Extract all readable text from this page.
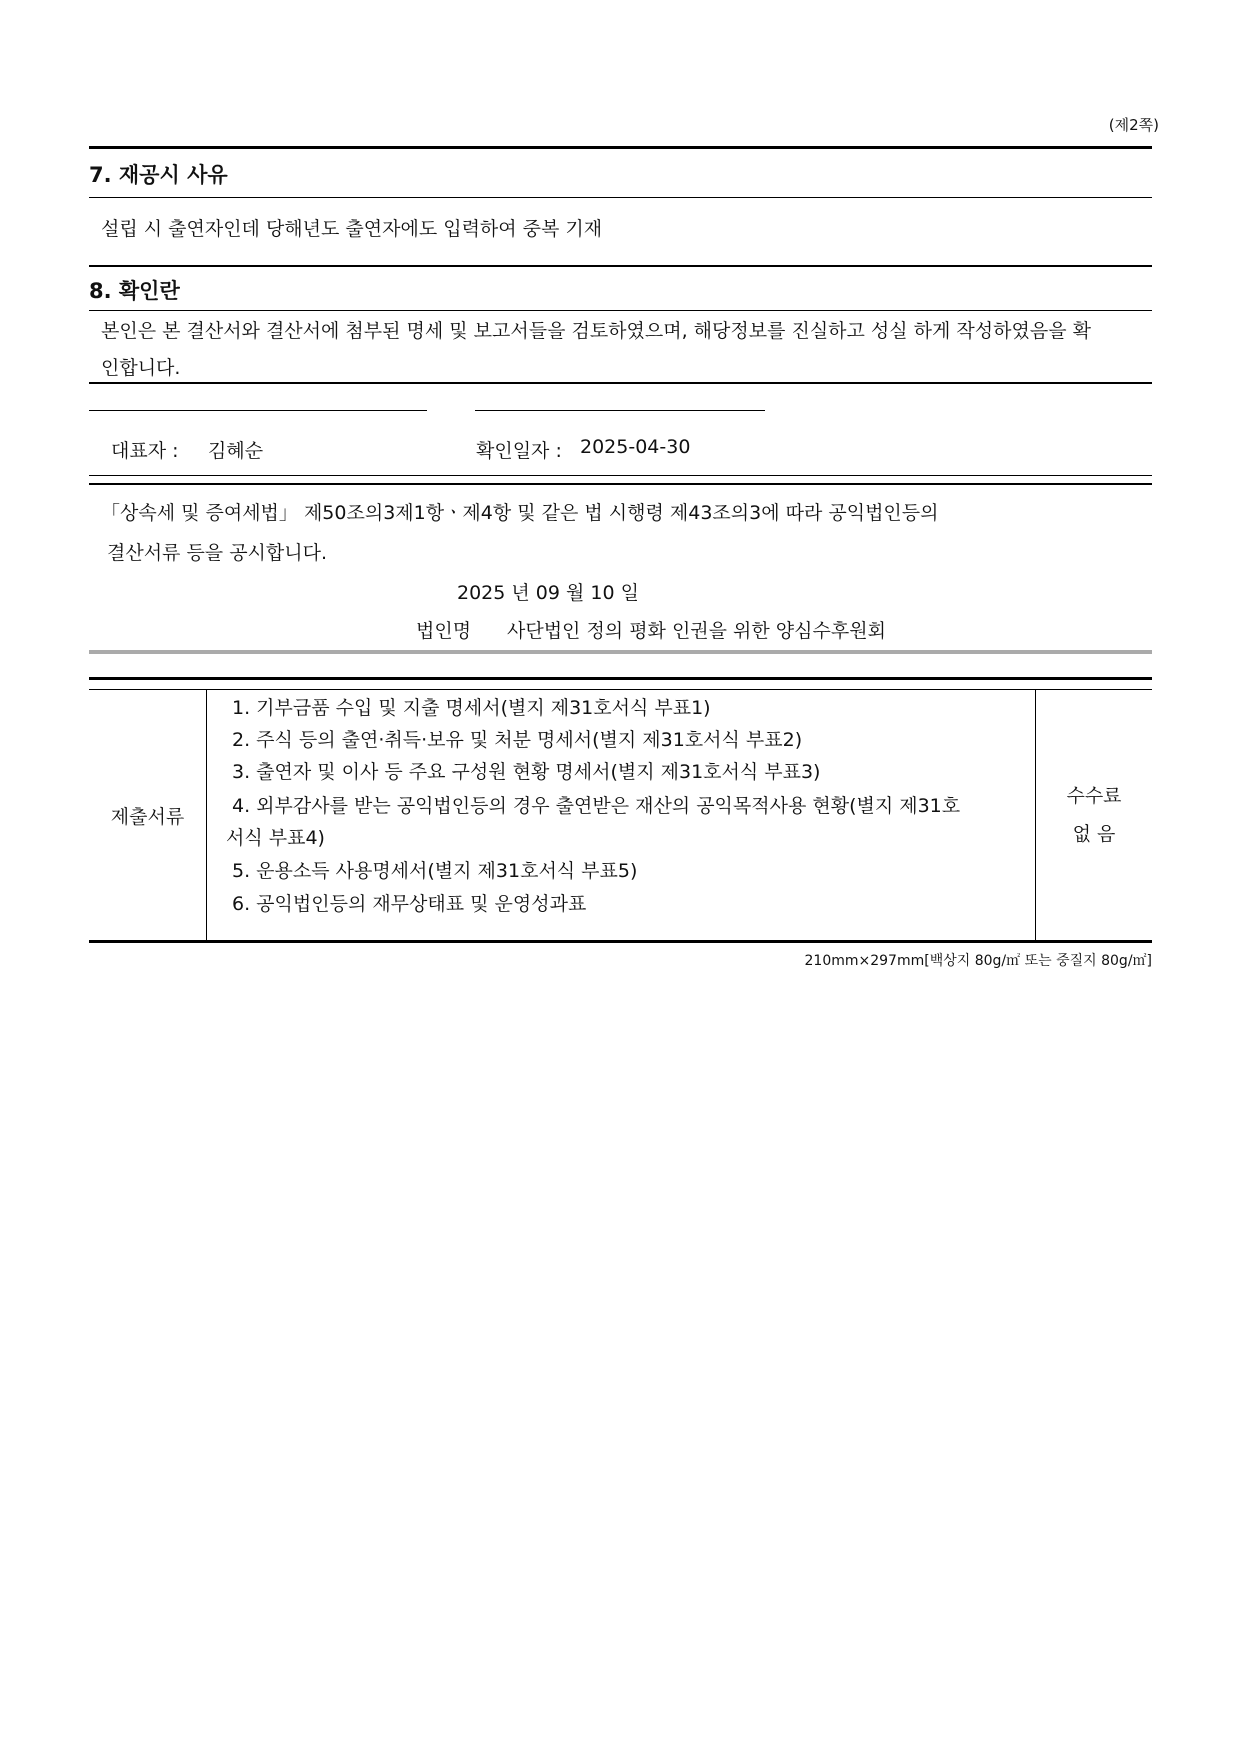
(제2쪽)
7. 재공시 사유
설립 시 출연자인데 당해년도 출연자에도 입력하여 중복 기재
8. 확인란
본인은 본 결산서와 결산서에 첨부된 명세 및 보고서들을 검토하였으며, 해당정보를 진실하고 성실 하게 작성하였음을 확
인합니다.
대표자 : 김혜순	확인일자 : 2025-04-30
「상속세 및 증여세법」 제50조의3제1항ㆍ제4항 및 같은 법 시행령 제43조의3에 따라 공익법인등의
결산서류 등을 공시합니다.
2025 년 09 월 10 일
법인명 사단법인 정의 평화 인권을 위한 양심수후원회
제출서류
1. 기부금품 수입 및 지출 명세서(별지 제31호서식 부표1)
2. 주식 등의 출연·취득·보유 및 처분 명세서(별지 제31호서식 부표2)
3. 출연자 및 이사 등 주요 구성원 현황 명세서(별지 제31호서식 부표3)
4. 외부감사를 받는 공익법인등의 경우 출연받은 재산의 공익목적사용 현황(별지 제31호
서식 부표4)
5. 운용소득 사용명세서(별지 제31호서식 부표5)
6. 공익법인등의 재무상태표 및 운영성과표
수수료
없 음
210mm×297mm[백상지 80g/㎡ 또는 중질지 80g/㎡]
